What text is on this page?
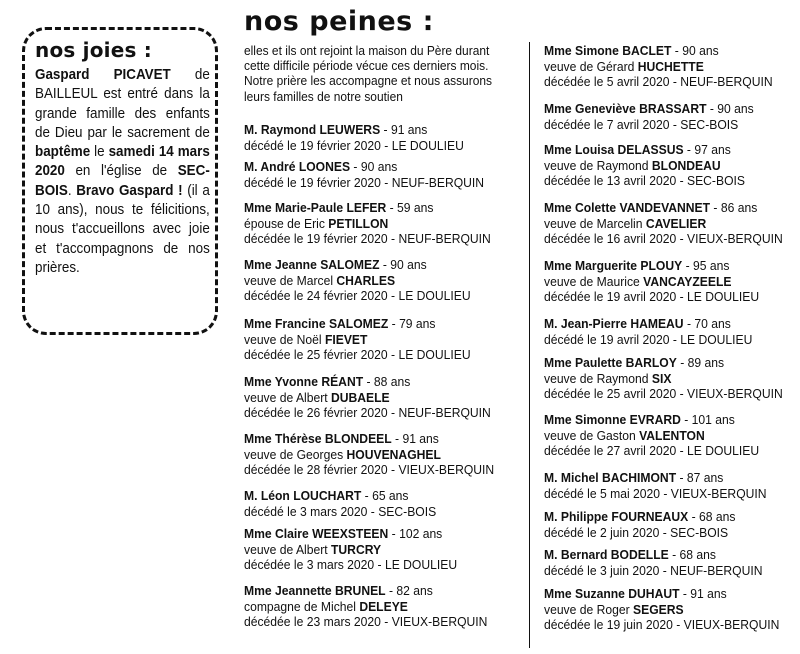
nos joies :
Gaspard PICAVET de BAILLEUL est entré dans la grande famille des enfants de Dieu par le sacrement de baptême le samedi 14 mars 2020 en l'église de SEC-BOIS. Bravo Gaspard ! (il a 10 ans), nous te félicitions, nous t'accueillons avec joie et t'accompagnons de nos prières.
nos peines :
elles et ils ont rejoint la maison du Père durant cette difficile période vécue ces derniers mois. Notre prière les accompagne et nous assurons leurs familles de notre soutien
M. Raymond LEUWERS - 91 ans
décédé le 19 février 2020 - LE DOULIEU
M. André LOONES - 90 ans
décédé le 19 février 2020 - NEUF-BERQUIN
Mme Marie-Paule LEFER - 59 ans
épouse de Eric PETILLON
décédée le 19 février 2020 - NEUF-BERQUIN
Mme Jeanne SALOMEZ - 90 ans
veuve de Marcel CHARLES
décédée le 24 février 2020 - LE DOULIEU
Mme Francine SALOMEZ - 79 ans
veuve de Noël FIEVET
décédée le 25 février 2020 - LE DOULIEU
Mme Yvonne RÉANT - 88 ans
veuve de Albert DUBAELE
décédée le 26 février 2020 - NEUF-BERQUIN
Mme Thérèse BLONDEEL - 91 ans
veuve de Georges HOUVENAGHEL
décédée le 28 février 2020 - VIEUX-BERQUIN
M. Léon LOUCHART - 65 ans
décédé le 3 mars 2020 - SEC-BOIS
Mme Claire WEEXSTEEN - 102 ans
veuve de Albert TURCRY
décédée le 3 mars 2020 - LE DOULIEU
Mme Jeannette BRUNEL - 82 ans
compagne de Michel DELEYE
décédée le 23 mars 2020 - VIEUX-BERQUIN
Mme Simone BACLET - 90 ans
veuve de Gérard HUCHETTE
décédée le 5 avril 2020 - NEUF-BERQUIN
Mme Geneviève BRASSART - 90 ans
décédée le 7 avril 2020 - SEC-BOIS
Mme Louisa DELASSUS - 97 ans
veuve de Raymond BLONDEAU
décédée le 13 avril 2020 - SEC-BOIS
Mme Colette VANDEVANNET - 86 ans
veuve de Marcelin CAVELIER
décédée le 16 avril 2020 - VIEUX-BERQUIN
Mme Marguerite PLOUY - 95 ans
veuve de Maurice VANCAYZEELE
décédée le 19 avril 2020 - LE DOULIEU
M. Jean-Pierre HAMEAU - 70 ans
décédé le 19 avril 2020 - LE DOULIEU
Mme Paulette BARLOY - 89 ans
veuve de Raymond SIX
décédée le 25 avril 2020 - VIEUX-BERQUIN
Mme Simonne EVRARD - 101 ans
veuve de Gaston VALENTON
décédée le 27 avril 2020 - LE DOULIEU
M. Michel BACHIMONT - 87 ans
décédé le 5 mai 2020 - VIEUX-BERQUIN
M. Philippe FOURNEAUX - 68 ans
décédé le 2 juin 2020 - SEC-BOIS
M. Bernard BODELLE - 68 ans
décédé le 3 juin 2020 - NEUF-BERQUIN
Mme Suzanne DUHAUT - 91 ans
veuve de Roger SEGERS
décédée le 19 juin 2020 - VIEUX-BERQUIN
